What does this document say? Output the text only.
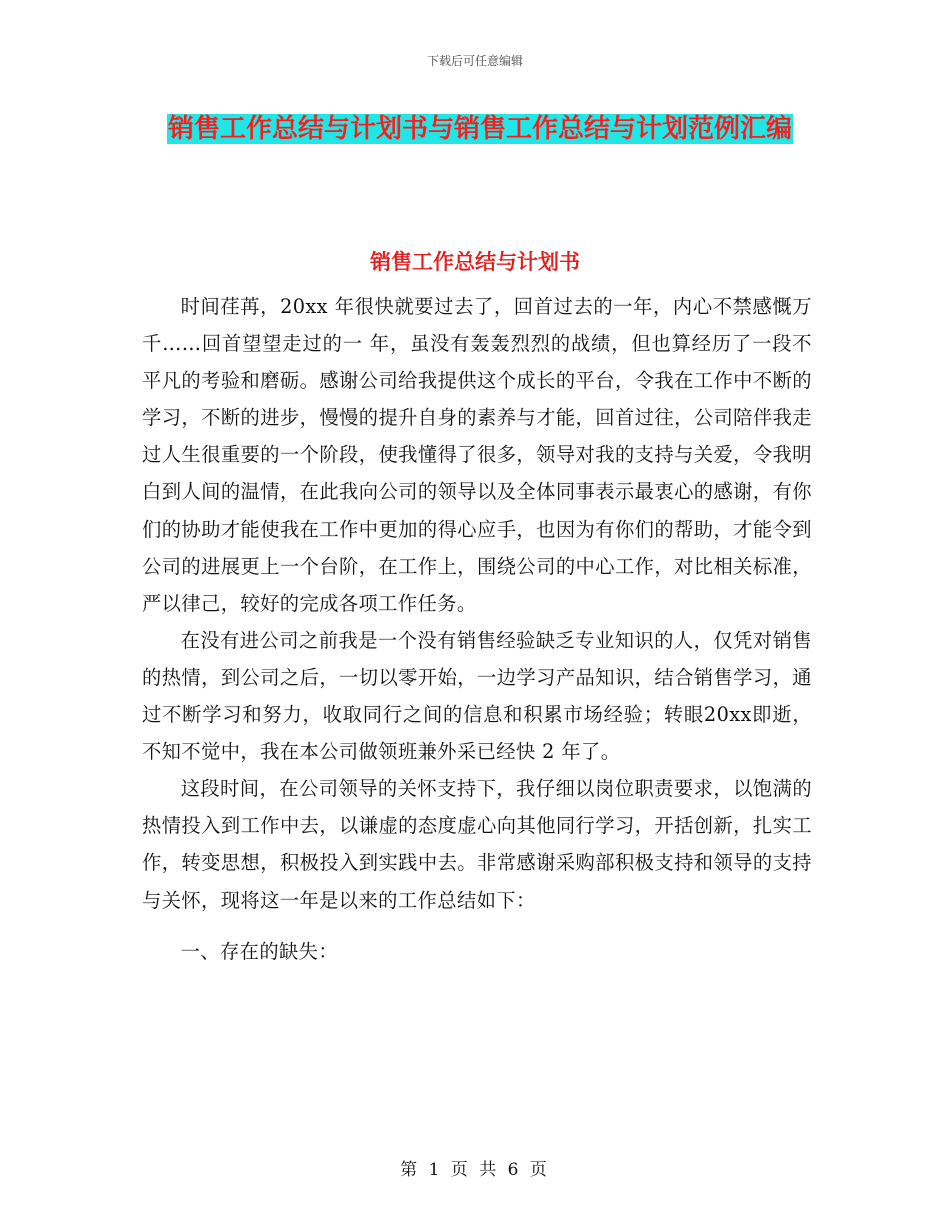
下载后可任意编辑
销售工作总结与计划书与销售工作总结与计划范例汇编
销售工作总结与计划书

时间荏苒，20xx 年很快就要过去了，回首过去的一年，内心不禁感慨万千……回首望望走过的一 年，虽没有轰轰烈烈的战绩，但也算经历了一段不平凡的考验和磨砺。感谢公司给我提供这个成长的平台，令我在工作中不断的学习，不断的进步，慢慢的提升自身的素养与才能，回首过往，公司陪伴我走过人生很重要的一个阶段，使我懂得了很多，领导对我的支持与关爱，令我明白到人间的温情，在此我向公司的领导以及全体同事表示最衷心的感谢，有你们的协助才能使我在工作中更加的得心应手，也因为有你们的帮助，才能令到公司的进展更上一个台阶，在工作上，围绕公司的中心工作，对比相关标准，严以律己，较好的完成各项工作任务。

在没有进公司之前我是一个没有销售经验缺乏专业知识的人，仅凭对销售的热情，到公司之后，一切以零开始，一边学习产品知识，结合销售学习，通过不断学习和努力，收取同行之间的信息和积累市场经验；转眼20xx即逝，不知不觉中，我在本公司做领班兼外采已经快 2 年了。

这段时间，在公司领导的关怀支持下，我仔细以岗位职责要求，以饱满的热情投入到工作中去，以谦虚的态度虚心向其他同行学习，开括创新，扎实工作，转变思想，积极投入到实践中去。非常感谢采购部积极支持和领导的支持与关怀，现将这一年是以来的工作总结如下：

一、存在的缺失：

第 1 页 共 6 页
